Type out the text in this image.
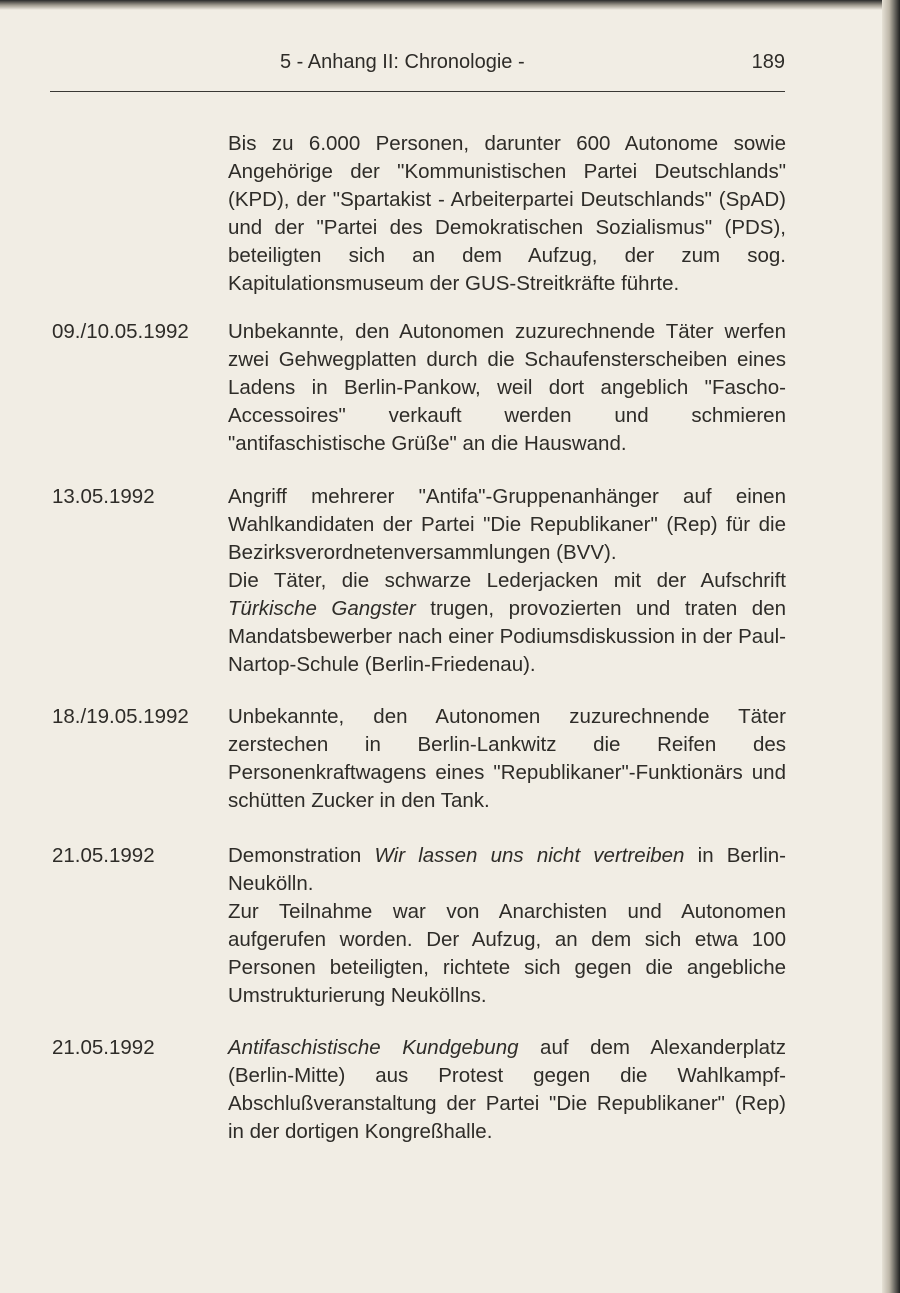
5 - Anhang II: Chronologie -	189

Bis zu 6.000 Personen, darunter 600 Autonome sowie Angehörige der "Kommunistischen Partei Deutschlands" (KPD), der "Spartakist - Arbeiterpartei Deutschlands" (SpAD) und der "Partei des Demokratischen Sozialismus" (PDS), beteiligten sich an dem Aufzug, der zum sog. Kapitulationsmuseum der GUS-Streitkräfte führte.

09./10.05.1992 Unbekannte, den Autonomen zuzurechnende Täter werfen zwei Gehwegplatten durch die Schaufensterscheiben eines Ladens in Berlin-Pankow, weil dort angeblich "Fascho-Accessoires" verkauft werden und schmieren "antifaschistische Grüße" an die Hauswand.

13.05.1992	Angriff mehrerer "Antifa"-Gruppenanhänger auf einen Wahlkandidaten der Partei "Die Republikaner" (Rep) für die Bezirksverordnetenversammlungen (BVV).

Die Täter, die schwarze Lederjacken mit der Aufschrift Türkische Gangster trugen, provozierten und traten den Mandatsbewerber nach einer Podiumsdiskussion in der Paul-Nartop-Schule (Berlin-Friedenau).

18./19.05.1992 Unbekannte, den Autonomen zuzurechnende Täter zerstechen in Berlin-Lankwitz die Reifen des Personenkraftwagens eines "Republikaner"-Funktionärs und schütten Zucker in den Tank.

21.05.1992	Demonstration Wir lassen uns nicht vertreiben in Berlin-Neukölln.

Zur Teilnahme war von Anarchisten und Autonomen aufgerufen worden. Der Aufzug, an dem sich etwa 100 Personen beteiligten, richtete sich gegen die angebliche Umstrukturierung Neuköllns.

21.05.1992	Antifaschistische Kundgebung auf dem Alexanderplatz (Berlin-Mitte) aus Protest gegen die Wahlkampf-Abschlußveranstaltung der Partei "Die Republikaner" (Rep) in der dortigen Kongreßhalle.
